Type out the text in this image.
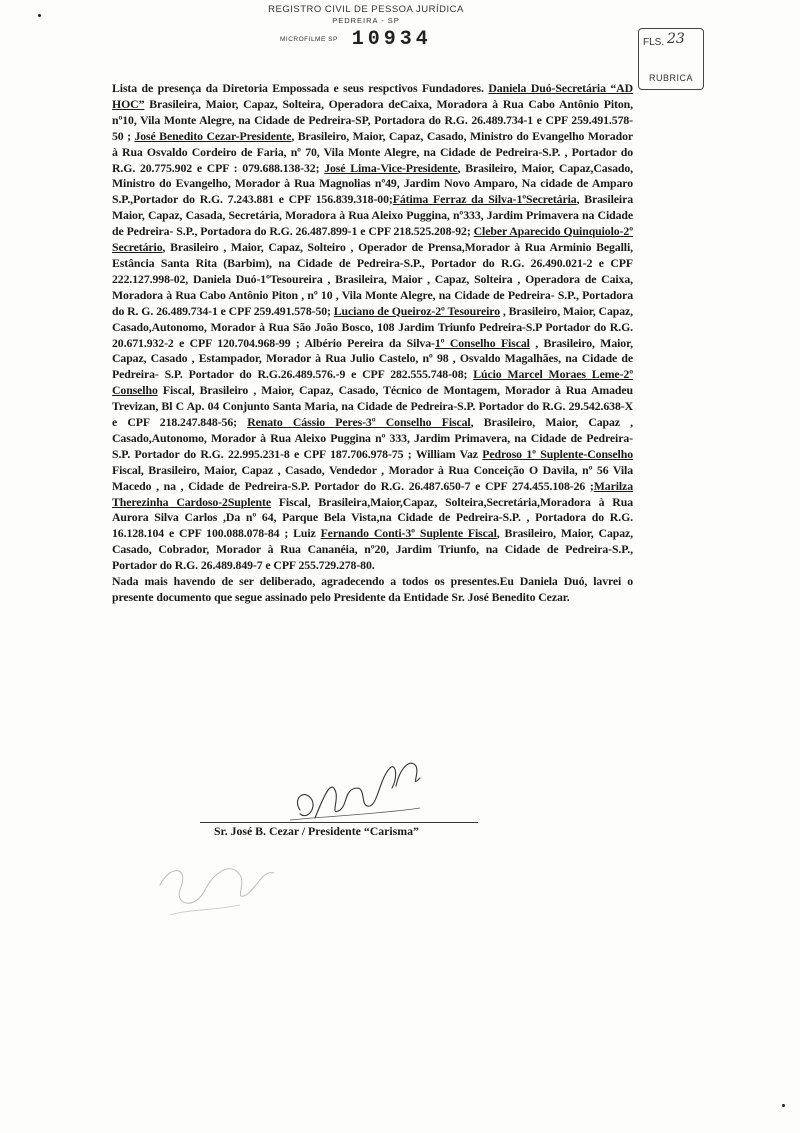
REGISTRO CIVIL DE PESSOA JURÍDICA
PEDREIRA - SP
MICROFILME SP 10934	FLS. 23
RUBRICA

Lista de presença da Diretoria Empossada e seus respctivos Fundadores. Daniela Duó-Secretária “AD HOC” Brasileira, Maior, Capaz, Solteira, Operadora deCaixa, Moradora à Rua Cabo Antônio Piton, nº10, Vila Monte Alegre, na Cidade de Pedreira-SP, Portadora do R.G. 26.489.734-1 e CPF 259.491.578-50 ; José Benedito Cezar-Presidente, Brasileiro, Maior, Capaz, Casado, Ministro do Evangelho Morador à Rua Osvaldo Cordeiro de Faria, nº 70, Vila Monte Alegre, na Cidade de Pedreira-S.P. , Portador do R.G. 20.775.902 e CPF : 079.688.138-32; José Lima-Vice-Presidente, Brasileiro, Maior, Capaz,Casado, Ministro do Evangelho, Morador à Rua Magnolias nº49, Jardim Novo Amparo, Na cidade de Amparo S.P.,Portador do R.G. 7.243.881 e CPF 156.839.318-00;Fátima Ferraz da Silva-1ºSecretária, Brasileira Maior, Capaz, Casada, Secretária, Moradora à Rua Aleixo Puggina, nº333, Jardim Primavera na Cidade de Pedreira- S.P., Portadora do R.G. 26.487.899-1 e CPF 218.525.208-92; Cleber Aparecido Quinquiolo-2º Secretário, Brasileiro , Maior, Capaz, Solteiro , Operador de Prensa,Morador à Rua Arminio Begalli, Estância Santa Rita (Barbim), na Cidade de Pedreira-S.P., Portador do R.G. 26.490.021-2 e CPF 222.127.998-02, Daniela Duó-1ºTesoureira , Brasileira, Maior , Capaz, Solteira , Operadora de Caixa, Moradora à Rua Cabo Antônio Piton , nº 10 , Vila Monte Alegre, na Cidade de Pedreira- S.P., Portadora do R. G. 26.489.734-1 e CPF 259.491.578-50; Luciano de Queiroz-2º Tesoureiro , Brasileiro, Maior, Capaz, Casado,Autonomo, Morador à Rua São João Bosco, 108 Jardim Triunfo Pedreira-S.P Portador do R.G. 20.671.932-2 e CPF 120.704.968-99 ; Albério Pereira da Silva-1º Conselho Fiscal , Brasileiro, Maior, Capaz, Casado , Estampador, Morador à Rua Julio Castelo, nº 98 , Osvaldo Magalhães, na Cidade de Pedreira- S.P. Portador do R.G.26.489.576.-9 e CPF 282.555.748-08; Lúcio Marcel Moraes Leme-2º Conselho Fiscal, Brasileiro , Maior, Capaz, Casado, Técnico de Montagem, Morador à Rua Amadeu Trevizan, Bl C Ap. 04 Conjunto Santa Maria, na Cidade de Pedreira-S.P. Portador do R.G. 29.542.638-X e CPF 218.247.848-56; Renato Cássio Peres-3º Conselho Fiscal, Brasileiro, Maior, Capaz , Casado,Autonomo, Morador à Rua Aleixo Puggina nº 333, Jardim Primavera, na Cidade de Pedreira-S.P. Portador do R.G. 22.995.231-8 e CPF 187.706.978-75 ; William Vaz Pedroso 1º Suplente-Conselho Fiscal, Brasileiro, Maior, Capaz , Casado, Vendedor , Morador à Rua Conceição O Davila, nº 56 Vila Macedo , na , Cidade de Pedreira-S.P. Portador do R.G. 26.487.650-7 e CPF 274.455.108-26 ;Marilza Therezinha Cardoso-2Suplente Fiscal, Brasileira,Maior,Capaz, Solteira,Secretária,Moradora à Rua Aurora Silva Carlos ,Da nº 64, Parque Bela Vista,na Cidade de Pedreira-S.P. , Portadora do R.G. 16.128.104 e CPF 100.088.078-84 ; Luiz Fernando Conti-3º Suplente Fiscal, Brasileiro, Maior, Capaz, Casado, Cobrador, Morador à Rua Cananéia, nº20, Jardim Triunfo, na Cidade de Pedreira-S.P., Portador do R.G. 26.489.849-7 e CPF 255.729.278-80.

Nada mais havendo de ser deliberado, agradecendo a todos os presentes.Eu Daniela Duó, lavrei o presente documento que segue assinado pelo Presidente da Entidade Sr. José Benedito Cezar.

Sr. José B. Cezar / Presidente “Carisma”
